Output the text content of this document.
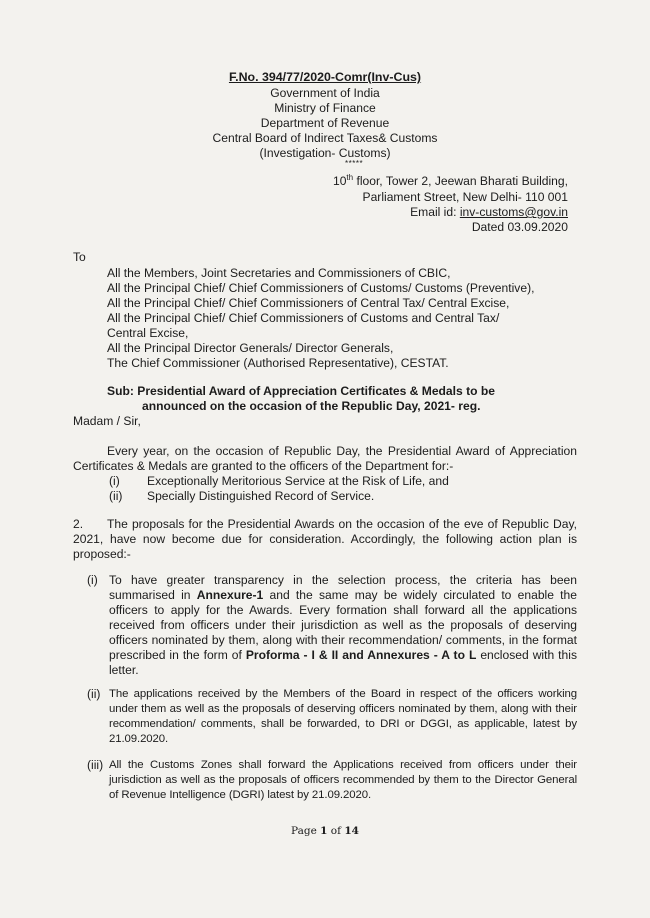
F.No. 394/77/2020-Comr(Inv-Cus)
Government of India
Ministry of Finance
Department of Revenue
Central Board of Indirect Taxes& Customs
(Investigation- Customs)
*****
10th floor, Tower 2, Jeewan Bharati Building,
Parliament Street, New Delhi- 110 001
Email id: inv-customs@gov.in
Dated 03.09.2020
To
All the Members, Joint Secretaries and Commissioners of CBIC,
All the Principal Chief/ Chief Commissioners of Customs/ Customs (Preventive),
All the Principal Chief/ Chief Commissioners of Central Tax/ Central Excise,
All the Principal Chief/ Chief Commissioners of Customs and Central Tax/
Central Excise,
All the Principal Director Generals/ Director Generals,
The Chief Commissioner (Authorised Representative), CESTAT.
Sub: Presidential Award of Appreciation Certificates & Medals to be
announced on the occasion of the Republic Day, 2021- reg.
Madam / Sir,
Every year, on the occasion of Republic Day, the Presidential Award of Appreciation Certificates & Medals are granted to the officers of the Department for:-
(i) Exceptionally Meritorious Service at the Risk of Life, and
(ii) Specially Distinguished Record of Service.
2. The proposals for the Presidential Awards on the occasion of the eve of Republic Day, 2021, have now become due for consideration. Accordingly, the following action plan is proposed:-
(i) To have greater transparency in the selection process, the criteria has been summarised in Annexure-1 and the same may be widely circulated to enable the officers to apply for the Awards. Every formation shall forward all the applications received from officers under their jurisdiction as well as the proposals of deserving officers nominated by them, along with their recommendation/ comments, in the format prescribed in the form of Proforma - I & II and Annexures - A to L enclosed with this letter.
(ii) The applications received by the Members of the Board in respect of the officers working under them as well as the proposals of deserving officers nominated by them, along with their recommendation/ comments, shall be forwarded, to DRI or DGGI, as applicable, latest by 21.09.2020.
(iii) All the Customs Zones shall forward the Applications received from officers under their jurisdiction as well as the proposals of officers recommended by them to the Director General of Revenue Intelligence (DGRI) latest by 21.09.2020.
Page 1 of 14
